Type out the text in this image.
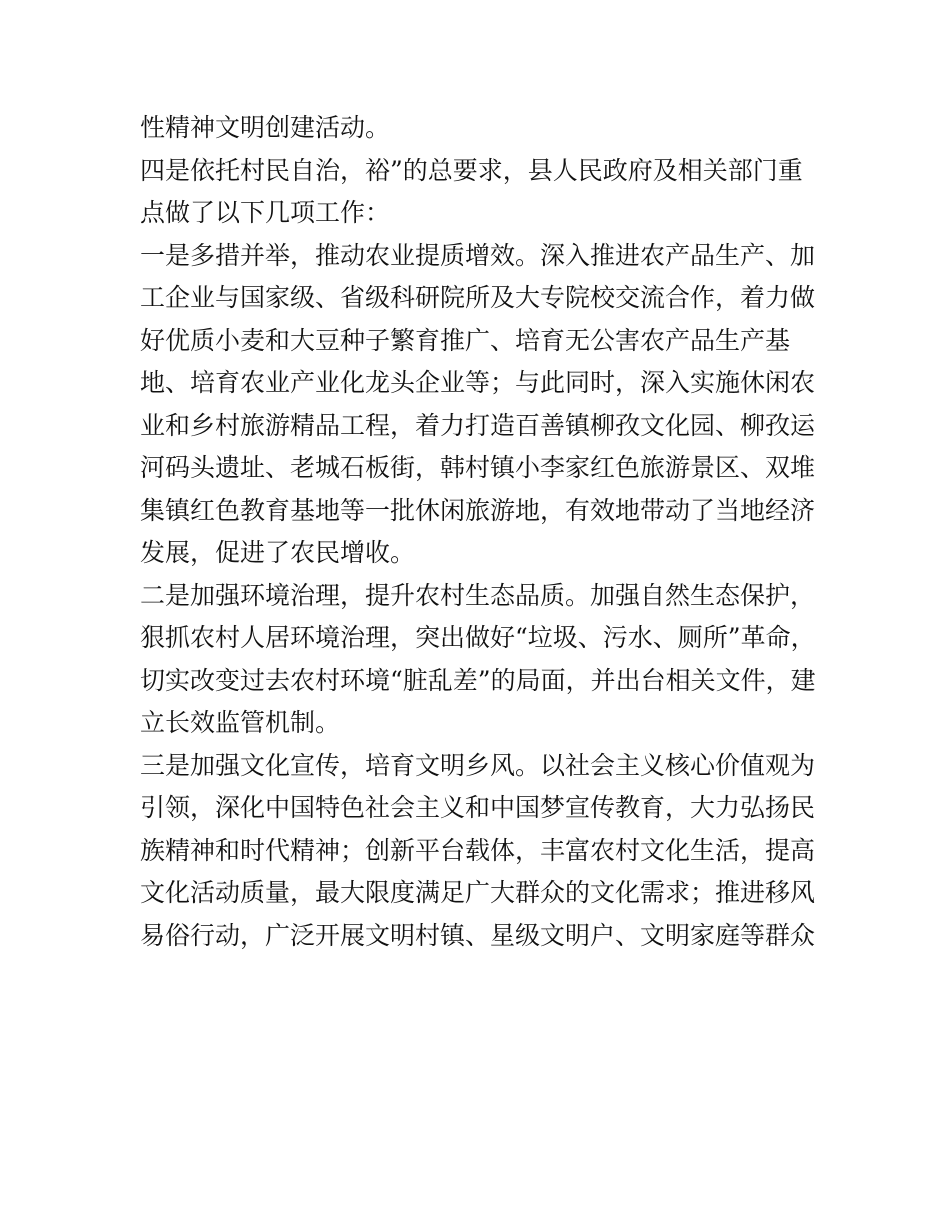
性精神文明创建活动。

四是依托村民自治，裕”的总要求，县人民政府及相关部门重

点做了以下几项工作：

一是多措并举，推动农业提质增效。深入推进农产品生产、加

工企业与国家级、省级科研院所及大专院校交流合作，着力做

好优质小麦和大豆种子繁育推广、培育无公害农产品生产基

地、培育农业产业化龙头企业等；与此同时，深入实施休闲农

业和乡村旅游精品工程，着力打造百善镇柳孜文化园、柳孜运

河码头遗址、老城石板街，韩村镇小李家红色旅游景区、双堆

集镇红色教育基地等一批休闲旅游地，有效地带动了当地经济

发展，促进了农民增收。

二是加强环境治理，提升农村生态品质。加强自然生态保护，

狠抓农村人居环境治理，突出做好“垃圾、污水、厕所”革命，

切实改变过去农村环境“脏乱差”的局面，并出台相关文件，建

立长效监管机制。

三是加强文化宣传，培育文明乡风。以社会主义核心价值观为

引领，深化中国特色社会主义和中国梦宣传教育，大力弘扬民

族精神和时代精神；创新平台载体，丰富农村文化生活，提高

文化活动质量，最大限度满足广大群众的文化需求；推进移风

易俗行动，广泛开展文明村镇、星级文明户、文明家庭等群众
